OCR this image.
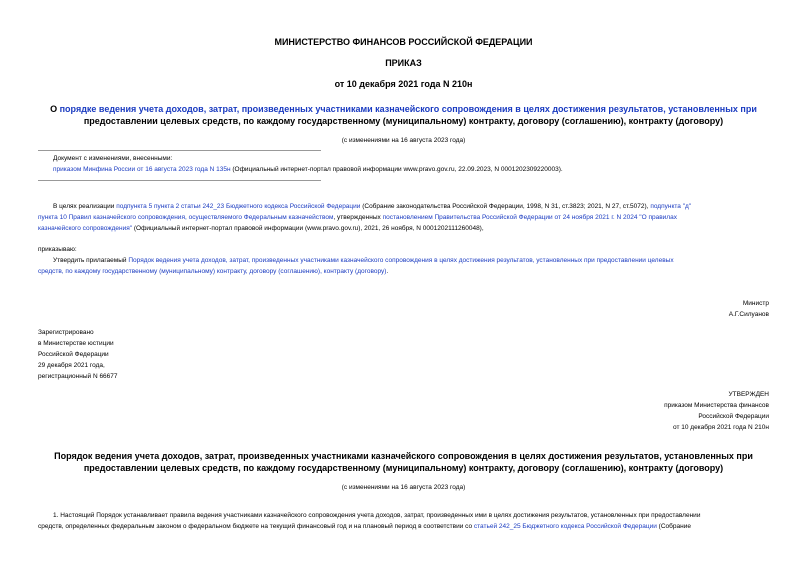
МИНИСТЕРСТВО ФИНАНСОВ РОССИЙСКОЙ ФЕДЕРАЦИИ
ПРИКАЗ
от 10 декабря 2021 года N 210н
О порядке ведения учета доходов, затрат, произведенных участниками казначейского сопровождения в целях достижения результатов, установленных при
предоставлении целевых средств, по каждому государственному (муниципальному) контракту, договору (соглашению), контракту (договору)
(с изменениями на 16 августа 2023 года)
Документ с изменениями, внесенными:
приказом Минфина России от 16 августа 2023 года N 135н (Официальный интернет-портал правовой информации www.pravo.gov.ru, 22.09.2023, N 0001202309220003).
В целях реализации подпункта 5 пункта 2 статьи 242_23 Бюджетного кодекса Российской Федерации (Собрание законодательства Российской Федерации, 1998, N 31, ст.3823; 2021, N 27, ст.5072), подпункта "д"
пункта 10 Правил казначейского сопровождения, осуществляемого Федеральным казначейством, утвержденных постановлением Правительства Российской Федерации от 24 ноября 2021 г. N 2024 "О правилах
казначейского сопровождения" (Официальный интернет-портал правовой информации (www.pravo.gov.ru), 2021, 26 ноября, N 0001202111260048),
приказываю:
Утвердить прилагаемый Порядок ведения учета доходов, затрат, произведенных участниками казначейского сопровождения в целях достижения результатов, установленных при предоставлении целевых
средств, по каждому государственному (муниципальному) контракту, договору (соглашению), контракту (договору).
Министр
А.Г.Силуанов
Зарегистрировано
в Министерстве юстиции
Российской Федерации
29 декабря 2021 года,
регистрационный N 66677
УТВЕРЖДЕН
приказом Министерства финансов
Российской Федерации
от 10 декабря 2021 года N 210н
Порядок ведения учета доходов, затрат, произведенных участниками казначейского сопровождения в целях достижения результатов, установленных при
предоставлении целевых средств, по каждому государственному (муниципальному) контракту, договору (соглашению), контракту (договору)
(с изменениями на 16 августа 2023 года)
1. Настоящий Порядок устанавливает правила ведения участниками казначейского сопровождения учета доходов, затрат, произведенных ими в целях достижения результатов, установленных при предоставлении
средств, определенных федеральным законом о федеральном бюджете на текущий финансовый год и на плановый период в соответствии со статьей 242_25 Бюджетного кодекса Российской Федерации (Собрание
